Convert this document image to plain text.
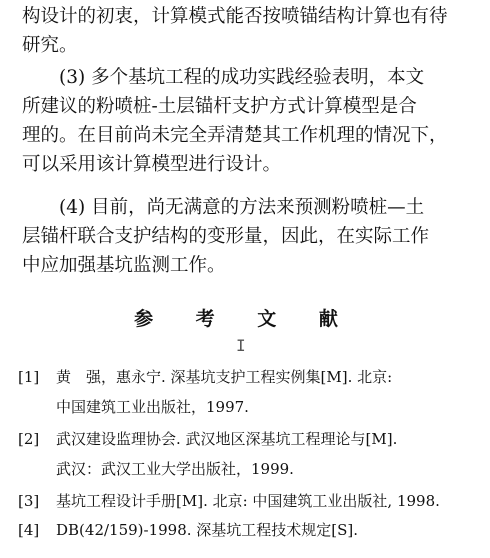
构设计的初衷，计算模式能否按喷锚结构计算也有待
研究。
(3) 多个基坑工程的成功实践经验表明，本文
所建议的粉喷桩-土层锚杆支护方式计算模型是合
理的。在目前尚未完全弄清楚其工作机理的情况下，
可以采用该计算模型进行设计。
(4) 目前，尚无满意的方法来预测粉喷桩—土
层锚杆联合支护结构的变形量，因此，在实际工作
中应加强基坑监测工作。
参 考 文 献
I
[1] 黄　强，惠永宁. 深基坑支护工程实例集[M]. 北京:
中国建筑工业出版社，1997.
[2] 武汉建设监理协会. 武汉地区深基坑工程理论与[M].
武汉：武汉工业大学出版社，1999.
[3] 基坑工程设计手册[M]. 北京: 中国建筑工业出版社, 1998.
[4] DB(42/159)-1998. 深基坑工程技术规定[S].
